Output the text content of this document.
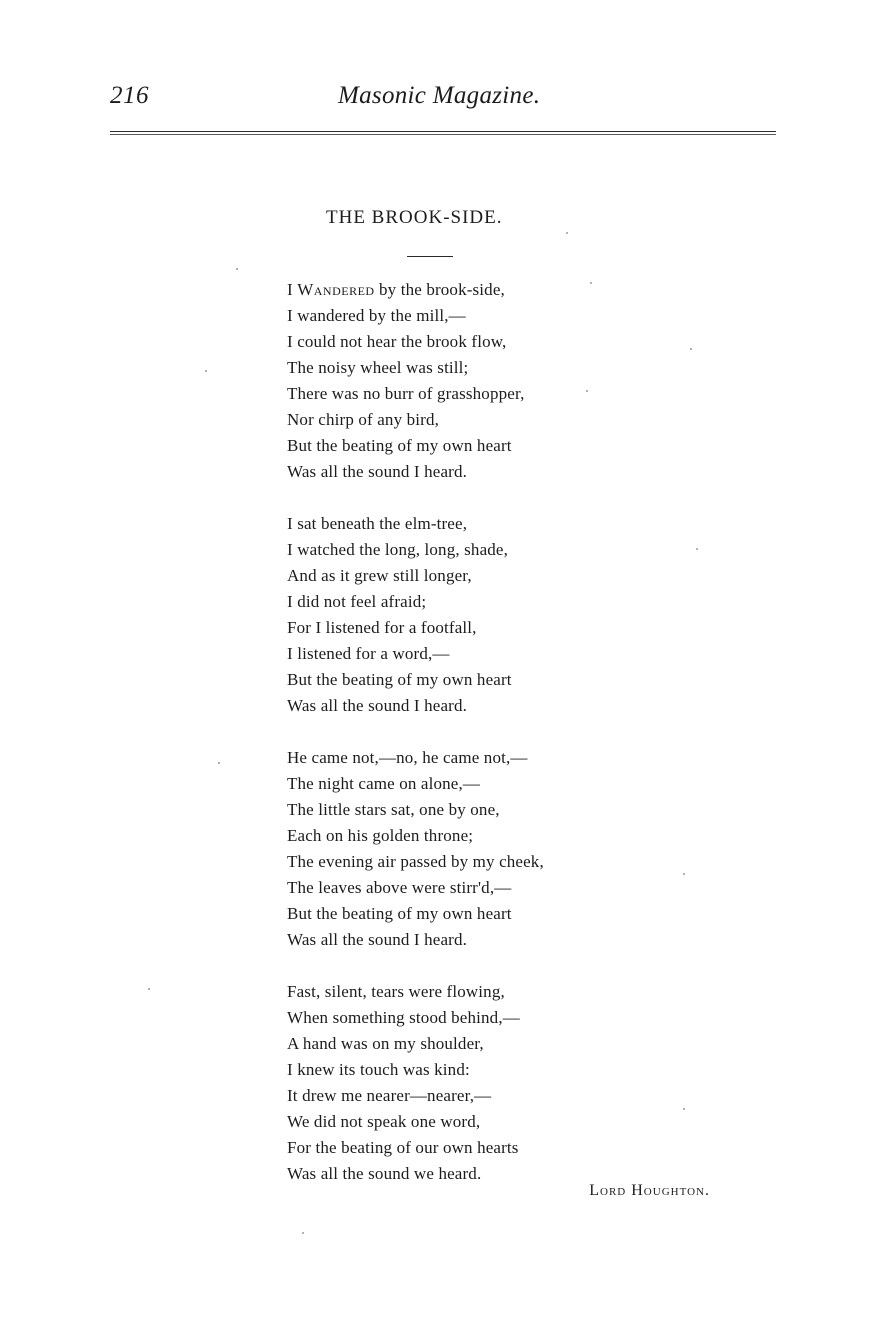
216	Masonic Magazine.
THE BROOK-SIDE.
I Wandered by the brook-side,
I wandered by the mill,—
I could not hear the brook flow,
The noisy wheel was still;
There was no burr of grasshopper,
Nor chirp of any bird,
But the beating of my own heart
Was all the sound I heard.
I sat beneath the elm-tree,
I watched the long, long, shade,
And as it grew still longer,
I did not feel afraid;
For I listened for a footfall,
I listened for a word,—
But the beating of my own heart
Was all the sound I heard.
He came not,—no, he came not,—
The night came on alone,—
The little stars sat, one by one,
Each on his golden throne;
The evening air passed by my cheek,
The leaves above were stirr'd,—
But the beating of my own heart
Was all the sound I heard.
Fast, silent, tears were flowing,
When something stood behind,—
A hand was on my shoulder,
I knew its touch was kind:
It drew me nearer—nearer,—
We did not speak one word,
For the beating of our own hearts
Was all the sound we heard.
Lord Houghton.
